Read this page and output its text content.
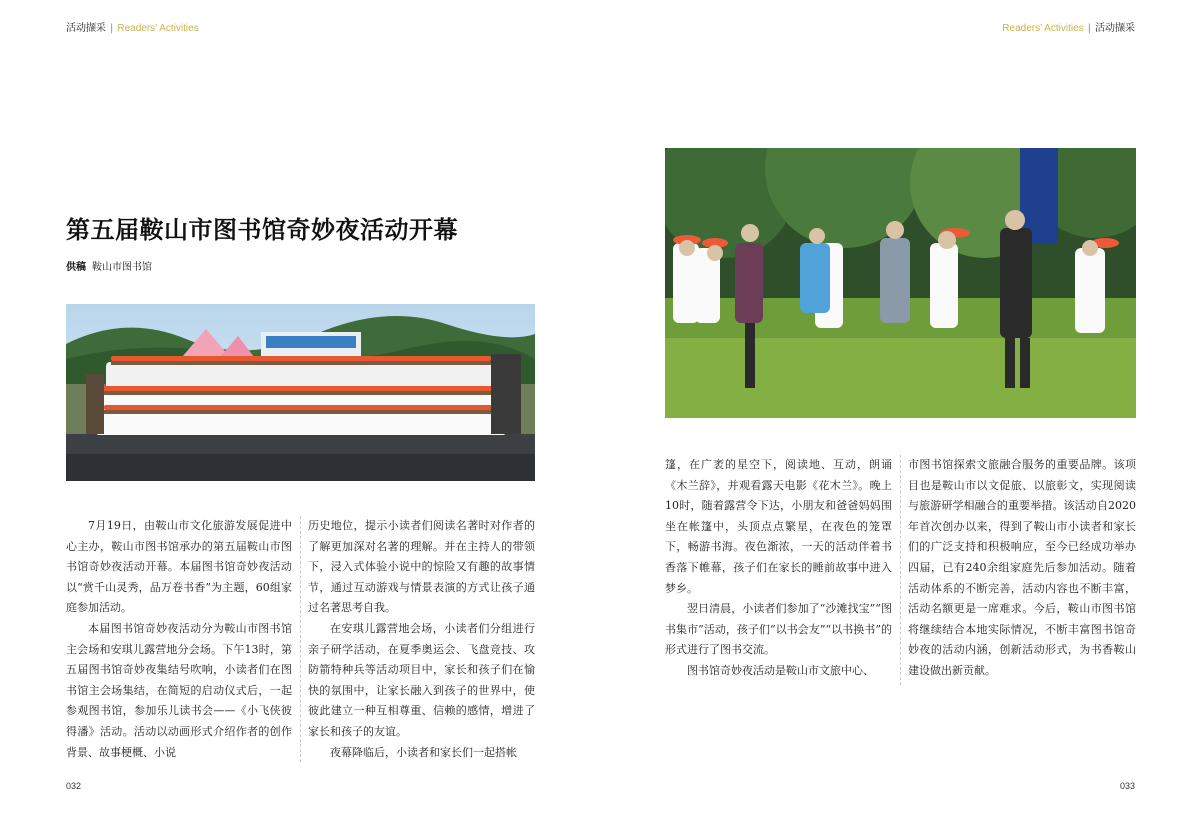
活动撷采 | Readers’ Activities	Readers’ Activities | 活动撷采
第五届鞍山市图书馆奇妙夜活动开幕
供稿 鞍山市图书馆

7月19日，由鞍山市文化旅游发展促进中心主办，鞍山市图书馆承办的第五届鞍山市图书馆奇妙夜活动开幕。本届图书馆奇妙夜活动以“赏千山灵秀，品万卷书香”为主题，60组家庭参加活动。

本届图书馆奇妙夜活动分为鞍山市图书馆主会场和安琪儿露营地分会场。下午13时，第五届图书馆奇妙夜集结号吹响，小读者们在图书馆主会场集结，在简短的启动仪式后，一起参观图书馆，参加乐儿读书会——《小飞侠彼得潘》活动。活动以动画形式介绍作者的创作背景、故事梗概、小说

历史地位，提示小读者们阅读名著时对作者的了解更加深对名著的理解。并在主持人的带领下，浸入式体验小说中的惊险又有趣的故事情节，通过互动游戏与情景表演的方式让孩子通过名著思考自我。

在安琪儿露营地会场，小读者们分组进行亲子研学活动，在夏季奥运会、飞盘竞技、攻防箭特种兵等活动项目中，家长和孩子们在愉快的氛围中，让家长融入到孩子的世界中，使彼此建立一种互相尊重、信赖的感情，增进了家长和孩子的友谊。

夜幕降临后，小读者和家长们一起搭帐

篷，在广袤的星空下，阅读地、互动，朗诵《木兰辞》，并观看露天电影《花木兰》。晚上10时，随着露营令下达，小朋友和爸爸妈妈围坐在帐篷中，头顶点点繁星，在夜色的笼罩下，畅游书海。夜色渐浓，一天的活动伴着书香落下帷幕，孩子们在家长的睡前故事中进入梦乡。

翌日清晨，小读者们参加了“沙滩找宝”“图书集市”活动，孩子们“以书会友”“以书换书”的形式进行了图书交流。

图书馆奇妙夜活动是鞍山市文旅中心、

市图书馆探索文旅融合服务的重要品牌。该项目也是鞍山市以文促旅、以旅彰文，实现阅读与旅游研学相融合的重要举措。该活动自2020年首次创办以来，得到了鞍山市小读者和家长们的广泛支持和积极响应，至今已经成功举办四届，已有240余组家庭先后参加活动。随着活动体系的不断完善，活动内容也不断丰富，活动名额更是一席难求。今后，鞍山市图书馆将继续结合本地实际情况，不断丰富图书馆奇妙夜的活动内涵，创新活动形式，为书香鞍山建设做出新贡献。

032	033
